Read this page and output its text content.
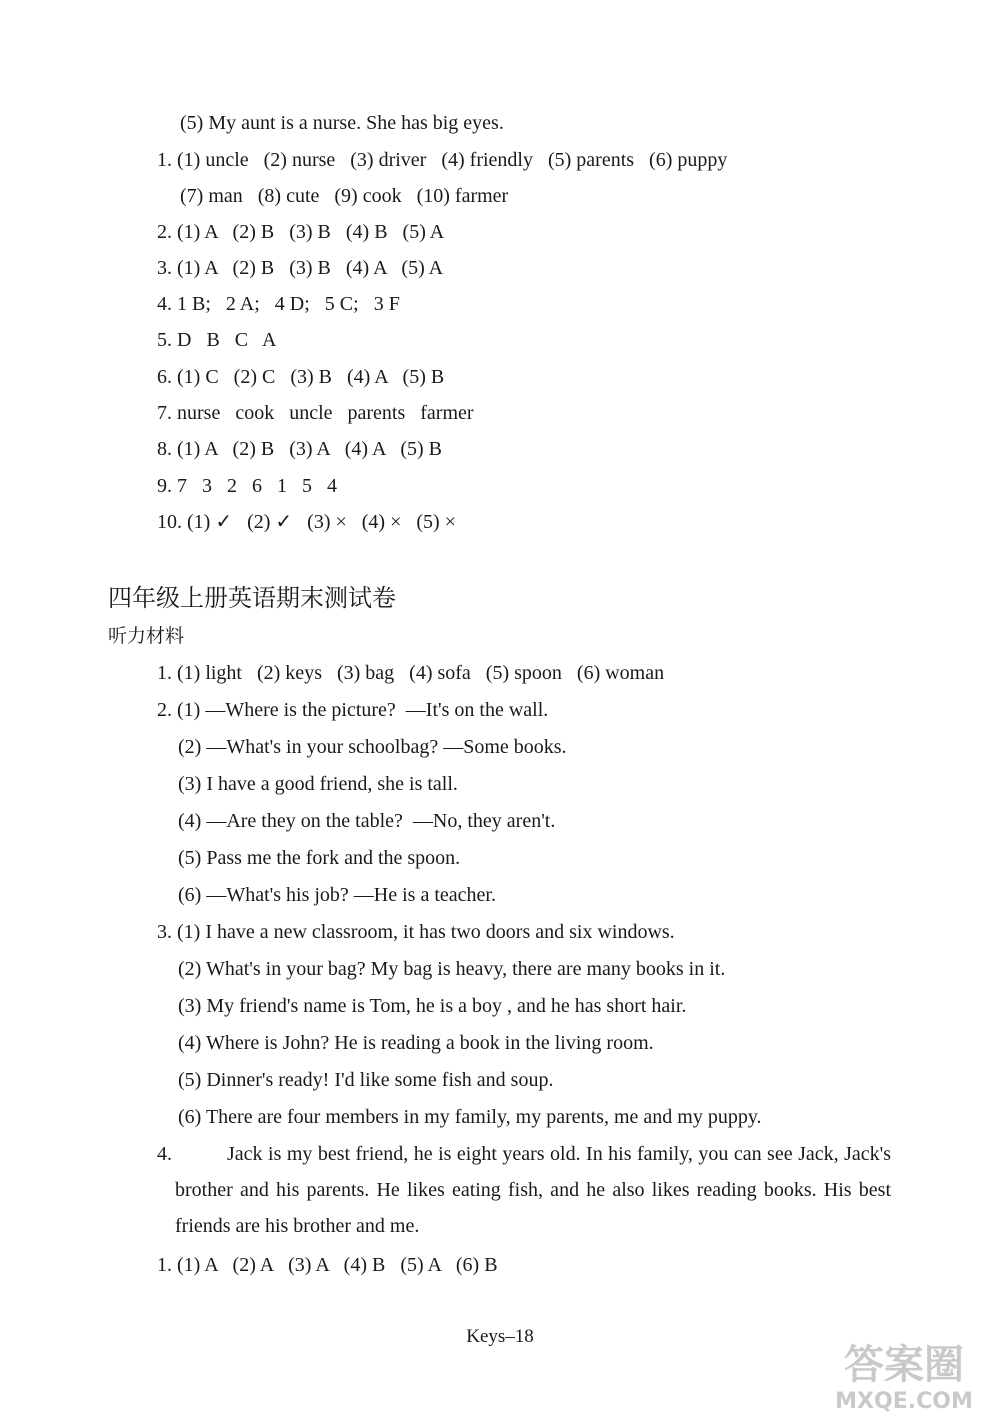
(5) My aunt is a nurse. She has big eyes.
1. (1) uncle   (2) nurse   (3) driver   (4) friendly   (5) parents   (6) puppy
(7) man   (8) cute   (9) cook   (10) farmer
2. (1) A   (2) B   (3) B   (4) B   (5) A
3. (1) A   (2) B   (3) B   (4) A   (5) A
4. 1 B;   2 A;   4 D;   5 C;   3 F
5. D   B   C   A
6. (1) C   (2) C   (3) B   (4) A   (5) B
7. nurse   cook   uncle   parents   farmer
8. (1) A   (2) B   (3) A   (4) A   (5) B
9. 7   3   2   6   1   5   4
10. (1) ✓   (2) ✓   (3) ×   (4) ×   (5) ×
四年级上册英语期末测试卷
听力材料
1. (1) light   (2) keys   (3) bag   (4) sofa   (5) spoon   (6) woman
2. (1) —Where is the picture?  —It's on the wall.
(2) —What's in your schoolbag? —Some books.
(3) I have a good friend, she is tall.
(4) —Are they on the table?  —No, they aren't.
(5) Pass me the fork and the spoon.
(6) —What's his job? —He is a teacher.
3. (1) I have a new classroom, it has two doors and six windows.
(2) What's in your bag? My bag is heavy, there are many books in it.
(3) My friend's name is Tom, he is a boy , and he has short hair.
(4) Where is John? He is reading a book in the living room.
(5) Dinner's ready! I'd like some fish and soup.
(6) There are four members in my family, my parents, me and my puppy.
4.	Jack is my best friend, he is eight years old. In his family, you can see Jack, Jack's brother and his parents. He likes eating fish, and he also likes reading books. His best friends are his brother and me.
1. (1) A   (2) A   (3) A   (4) B   (5) A   (6) B
Keys–18
答案圈
MXQE.COM
